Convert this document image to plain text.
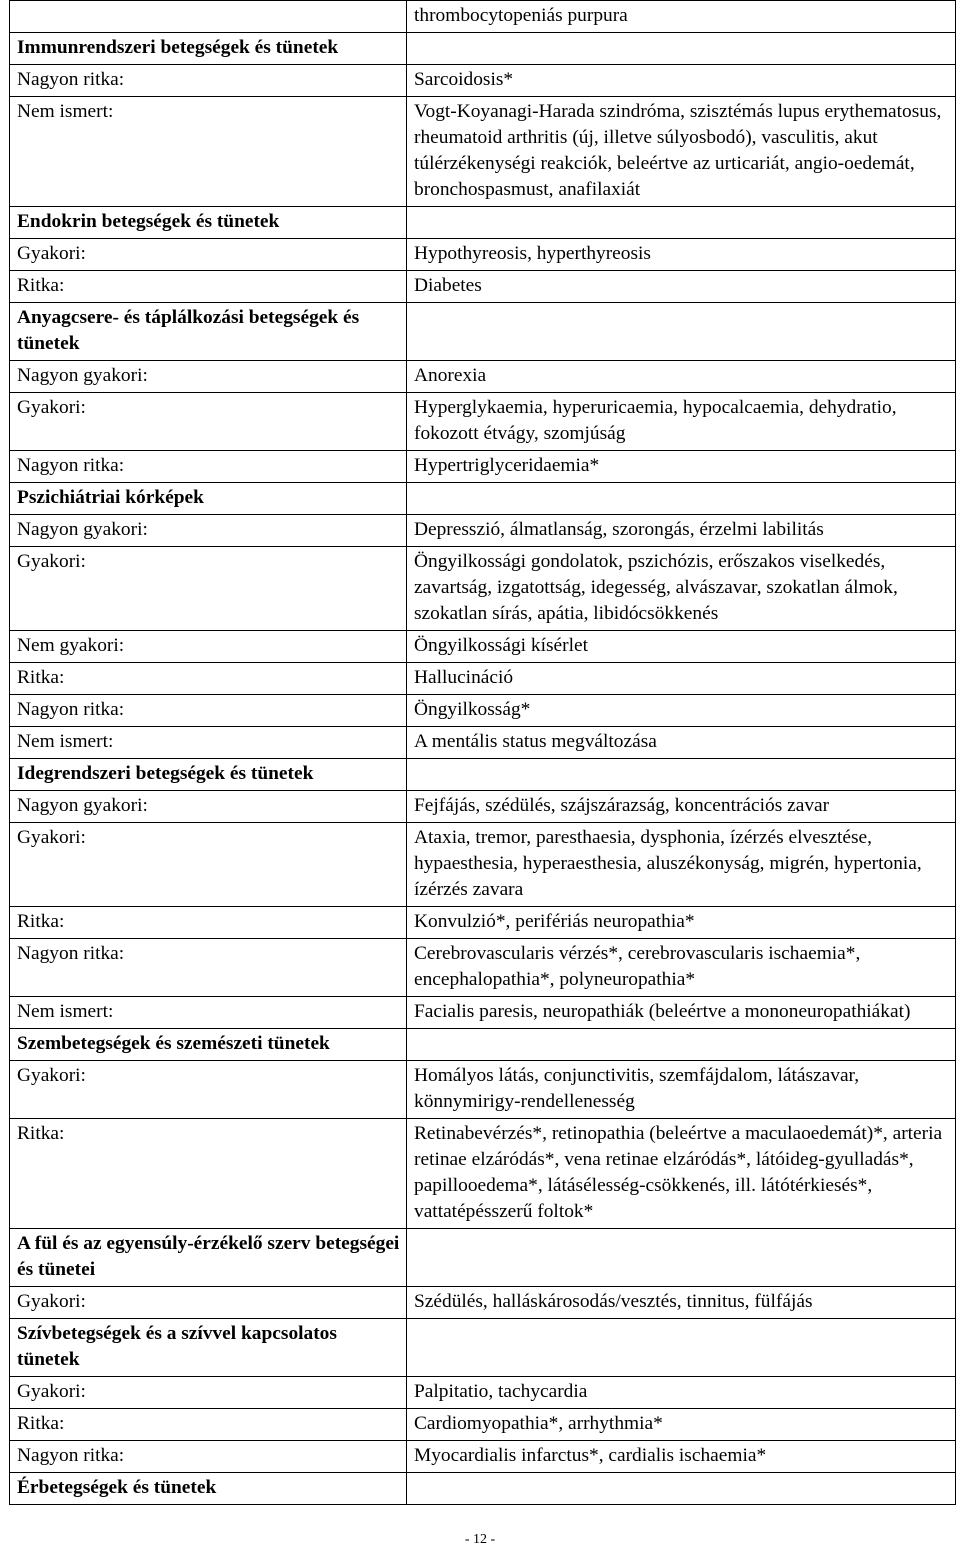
	thrombocytopeniás purpura
Immunrendszeri betegségek és tünetek	
Nagyon ritka:	Sarcoidosis*
Nem ismert:	Vogt-Koyanagi-Harada szindróma, szisztémás lupus erythematosus, rheumatoid arthritis (új, illetve súlyosbodó), vasculitis, akut túlérzékenységi reakciók, beleértve az urticariát, angio-oedemát, bronchospasmust, anafilaxiát
Endokrin betegségek és tünetek	
Gyakori:	Hypothyreosis, hyperthyreosis
Ritka:	Diabetes
Anyagcsere- és táplálkozási betegségek és tünetek	
Nagyon gyakori:	Anorexia
Gyakori:	Hyperglykaemia, hyperuricaemia, hypocalcaemia, dehydratio, fokozott étvágy, szomjúság
Nagyon ritka:	Hypertriglyceridaemia*
Pszichiátriai kórképek	
Nagyon gyakori:	Depresszió, álmatlanság, szorongás, érzelmi labilitás
Gyakori:	Öngyilkossági gondolatok, pszichózis, erőszakos viselkedés, zavartság, izgatottság, idegesség, alvászavar, szokatlan álmok, szokatlan sírás, apátia, libidócsökkenés
Nem gyakori:	Öngyilkossági kísérlet
Ritka:	Hallucináció
Nagyon ritka:	Öngyilkosság*
Nem ismert:	A mentális status megváltozása
Idegrendszeri betegségek és tünetek	
Nagyon gyakori:	Fejfájás, szédülés, szájszárazság, koncentrációs zavar
Gyakori:	Ataxia, tremor, paresthaesia, dysphonia, ízérzés elvesztése, hypaesthesia, hyperaesthesia, aluszékonyság, migrén, hypertonia, ízérzés zavara
Ritka:	Konvulzió*, perifériás neuropathia*
Nagyon ritka:	Cerebrovascularis vérzés*, cerebrovascularis ischaemia*, encephalopathia*, polyneuropathia*
Nem ismert:	Facialis paresis, neuropathiák (beleértve a mononeuropathiákat)
Szembetegségek és szemészeti tünetek	
Gyakori:	Homályos látás, conjunctivitis, szemfájdalom, látászavar, könnymirigy-rendellenesség
Ritka:	Retinabevérzés*, retinopathia (beleértve a maculaoedemát)*, arteria retinae elzáródás*, vena retinae elzáródás*, látóideg-gyulladás*, papillooedema*, látásélesség-csökkenés, ill. látótérkiesés*, vattatépésszerű foltok*
A fül és az egyensúly-érzékelő szerv betegségei és tünetei	
Gyakori:	Szédülés, halláskárosodás/vesztés, tinnitus, fülfájás
Szívbetegségek és a szívvel kapcsolatos tünetek	
Gyakori:	Palpitatio, tachycardia
Ritka:	Cardiomyopathia*, arrhythmia*
Nagyon ritka:	Myocardialis infarctus*, cardialis ischaemia*
Érbetegségek és tünetek	
- 12 -
